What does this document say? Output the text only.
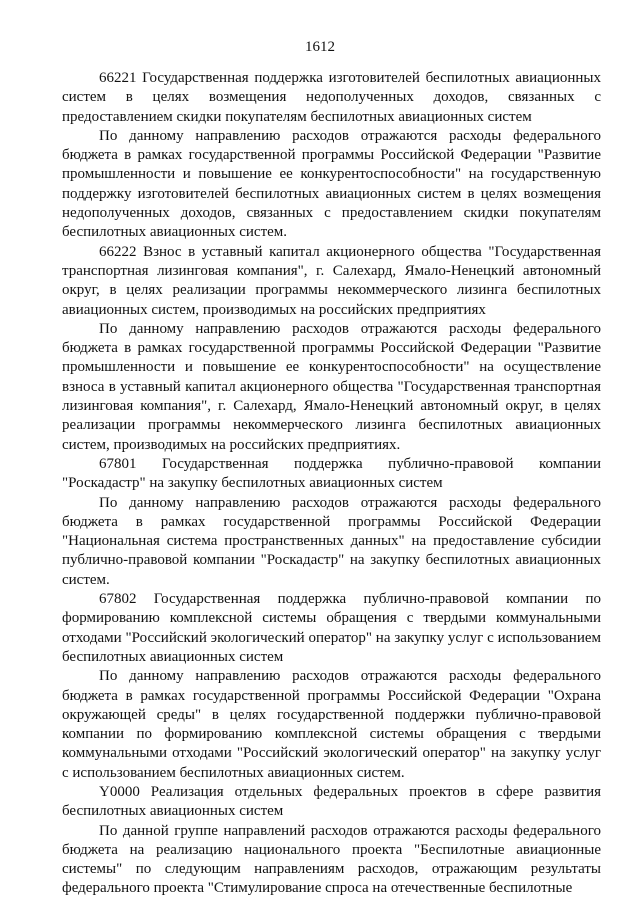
1612

66221 Государственная поддержка изготовителей беспилотных авиационных систем в целях возмещения недополученных доходов, связанных с предоставлением скидки покупателям беспилотных авиационных систем

По данному направлению расходов отражаются расходы федерального бюджета в рамках государственной программы Российской Федерации "Развитие промышленности и повышение ее конкурентоспособности" на государственную поддержку изготовителей беспилотных авиационных систем в целях возмещения недополученных доходов, связанных с предоставлением скидки покупателям беспилотных авиационных систем.

66222 Взнос в уставный капитал акционерного общества "Государственная транспортная лизинговая компания", г. Салехард, Ямало-Ненецкий автономный округ, в целях реализации программы некоммерческого лизинга беспилотных авиационных систем, производимых на российских предприятиях

По данному направлению расходов отражаются расходы федерального бюджета в рамках государственной программы Российской Федерации "Развитие промышленности и повышение ее конкурентоспособности" на осуществление взноса в уставный капитал акционерного общества "Государственная транспортная лизинговая компания", г. Салехард, Ямало-Ненецкий автономный округ, в целях реализации программы некоммерческого лизинга беспилотных авиационных систем, производимых на российских предприятиях.

67801 Государственная поддержка публично-правовой компании "Роскадастр" на закупку беспилотных авиационных систем

По данному направлению расходов отражаются расходы федерального бюджета в рамках государственной программы Российской Федерации "Национальная система пространственных данных" на предоставление субсидии публично-правовой компании "Роскадастр" на закупку беспилотных авиационных систем.

67802 Государственная поддержка публично-правовой компании по формированию комплексной системы обращения с твердыми коммунальными отходами "Российский экологический оператор" на закупку услуг с использованием беспилотных авиационных систем

По данному направлению расходов отражаются расходы федерального бюджета в рамках государственной программы Российской Федерации "Охрана окружающей среды" в целях государственной поддержки публично-правовой компании по формированию комплексной системы обращения с твердыми коммунальными отходами "Российский экологический оператор" на закупку услуг с использованием беспилотных авиационных систем.

Y0000 Реализация отдельных федеральных проектов в сфере развития беспилотных авиационных систем

По данной группе направлений расходов отражаются расходы федерального бюджета на реализацию национального проекта "Беспилотные авиационные системы" по следующим направлениям расходов, отражающим результаты федерального проекта "Стимулирование спроса на отечественные беспилотные
